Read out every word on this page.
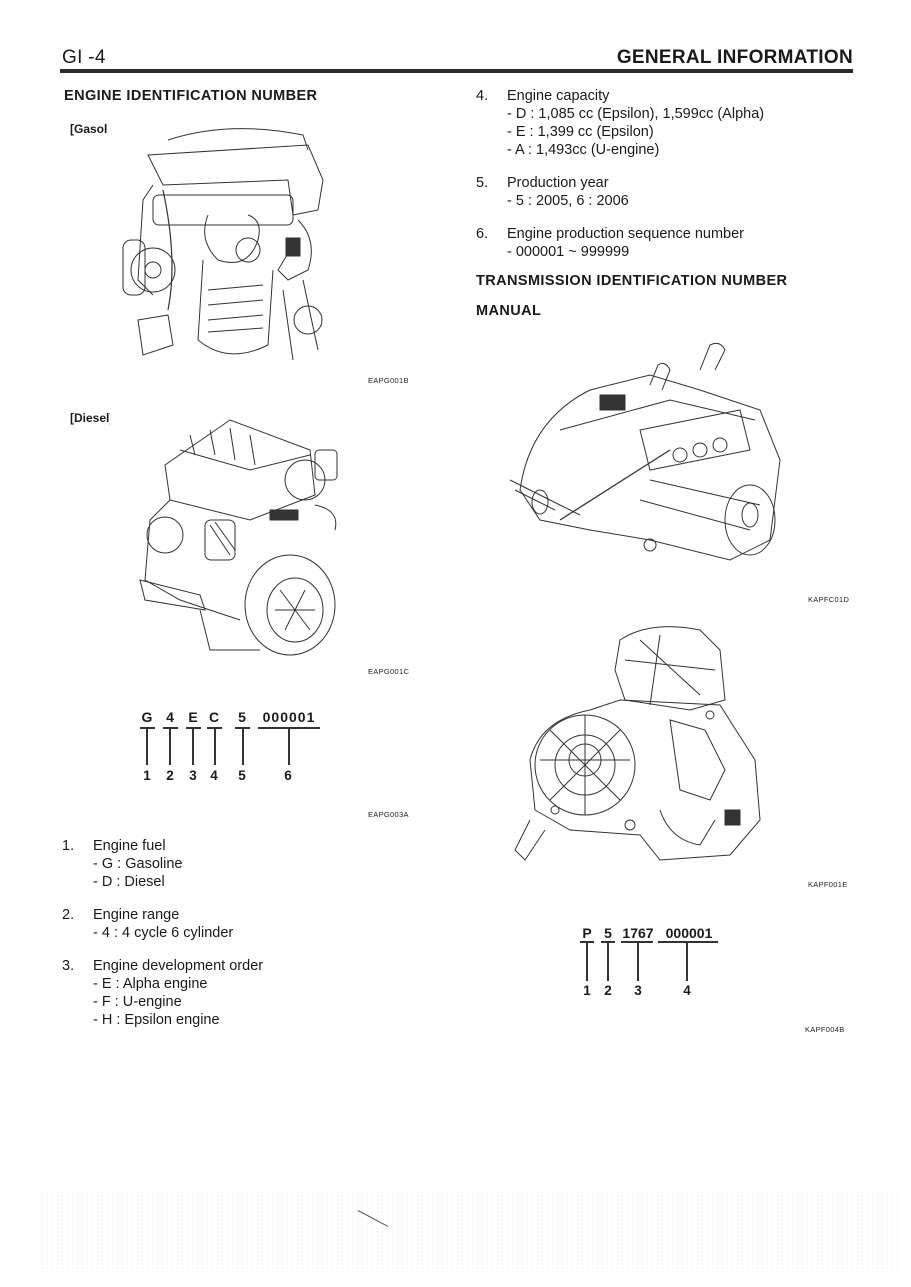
GI -4	GENERAL INFORMATION
ENGINE IDENTIFICATION NUMBER
[Gasoline]
EAPG001B
[Diesel]
EAPG001C
G 4 E C 5	000001
1 2 3 4 5	6
EAPG003A
1. Engine fuel
- G : Gasoline
- D : Diesel
2. Engine range
- 4 : 4 cycle 6 cylinder
3. Engine development order
- E : Alpha engine
- F : U-engine
- H : Epsilon engine
4. Engine capacity
- D : 1,085 cc (Epsilon), 1,599cc (Alpha)
- E : 1,399 cc (Epsilon)
- A : 1,493cc (U-engine)
5. Production year
- 5 : 2005, 6 : 2006
6. Engine production sequence number
- 000001 ~ 999999
TRANSMISSION IDENTIFICATION NUMBER
MANUAL
KAPFC01D
KAPF001E
P 5 1767 000001
1 2 3	4
KAPF004B
